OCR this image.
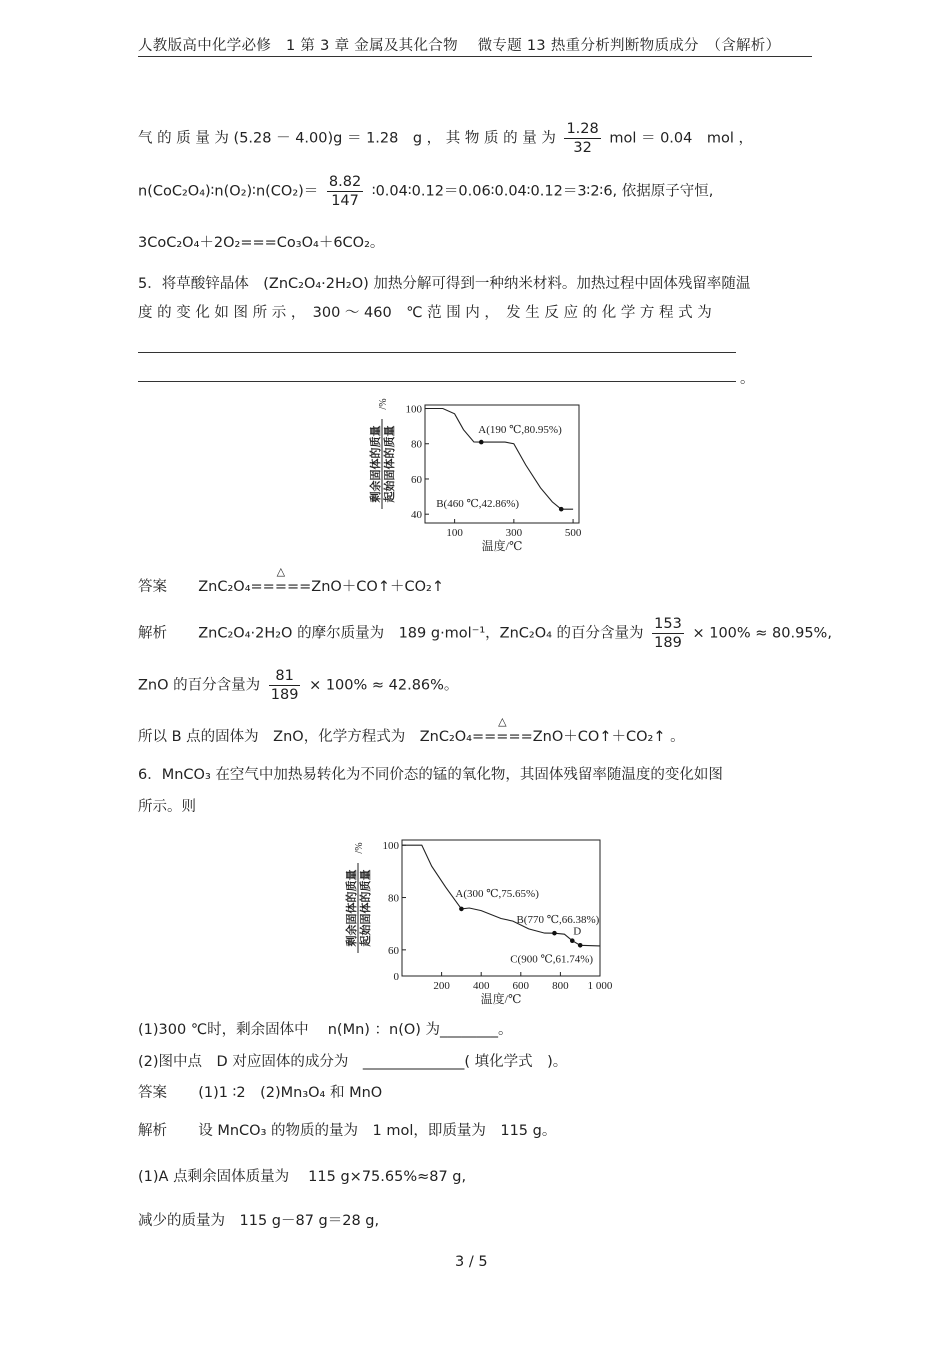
人教版高中化学必修　1 第 3 章 金属及其化合物　 微专题 13 热重分析判断物质成分　（含解析）
气 的 质 量 为 (5.28 － 4.00)g ＝ 1.28　g ， 其 物 质 的 量 为 $\frac{1.28}{32}$ mol ＝ 0.04　mol ，
n(CoC₂O₄)∶n(O₂)∶n(CO₂)＝ $\frac{8.82}{147}$ ∶0.04∶0.12＝0.06∶0.04∶0.12＝3∶2∶6, 依据原子守恒,
3CoC₂O₄＋2O₂===Co₃O₄＋6CO₂。
5．将草酸锌晶体　(ZnC₂O₄·2H₂O) 加热分解可得到一种纳米材料。加热过程中固体残留率随温
度 的 变 化 如 图 所 示 ，　300 ～ 460　℃ 范 围 内 ，　发 生 反 应 的 化 学 方 程 式 为
。
100	300	500
40
60
80
100
A(190 ℃,80.95%)
B(460 ℃,42.86%)
温度/℃
剩余固体的质量 起始固体的质量
/%
答案 ZnC₂O₄
△
=====ZnO＋CO↑＋CO₂↑
解析 ZnC₂O₄·2H₂O 的摩尔质量为　189 g·mol⁻¹，ZnC₂O₄ 的百分含量为 $\frac{153}{189} \times 100\% \approx 80.95\%$,
ZnO 的百分含量为 $\frac{81}{189} \times 100\% \approx 42.86\%$。
所以 B 点的固体为　ZnO，化学方程式为　ZnC₂O₄
△
=====ZnO＋CO↑＋CO₂↑ 。
6．MnCO₃ 在空气中加热易转化为不同价态的锰的氧化物，其固体残留率随温度的变化如图
所示。则
200 400 600 800 1 000
0
60
80
100
A(300 ℃,75.65%)
B(770 ℃,66.38%)
D
C(900 ℃,61.74%)
温度/℃
剩余固体的质量 起始固体的质量
/%
(1)300 ℃时，剩余固体中　 n(Mn) ：n(O) 为________。
(2)图中点　D 对应固体的成分为　______________( 填化学式　)。
答案 (1)1 ∶2　(2)Mn₃O₄ 和 MnO
解析 设 MnCO₃ 的物质的量为　1 mol，即质量为　115 g。
(1)A 点剩余固体质量为　 115 g×75.65%≈87 g,
减少的质量为　115 g－87 g＝28 g,
3 / 5
